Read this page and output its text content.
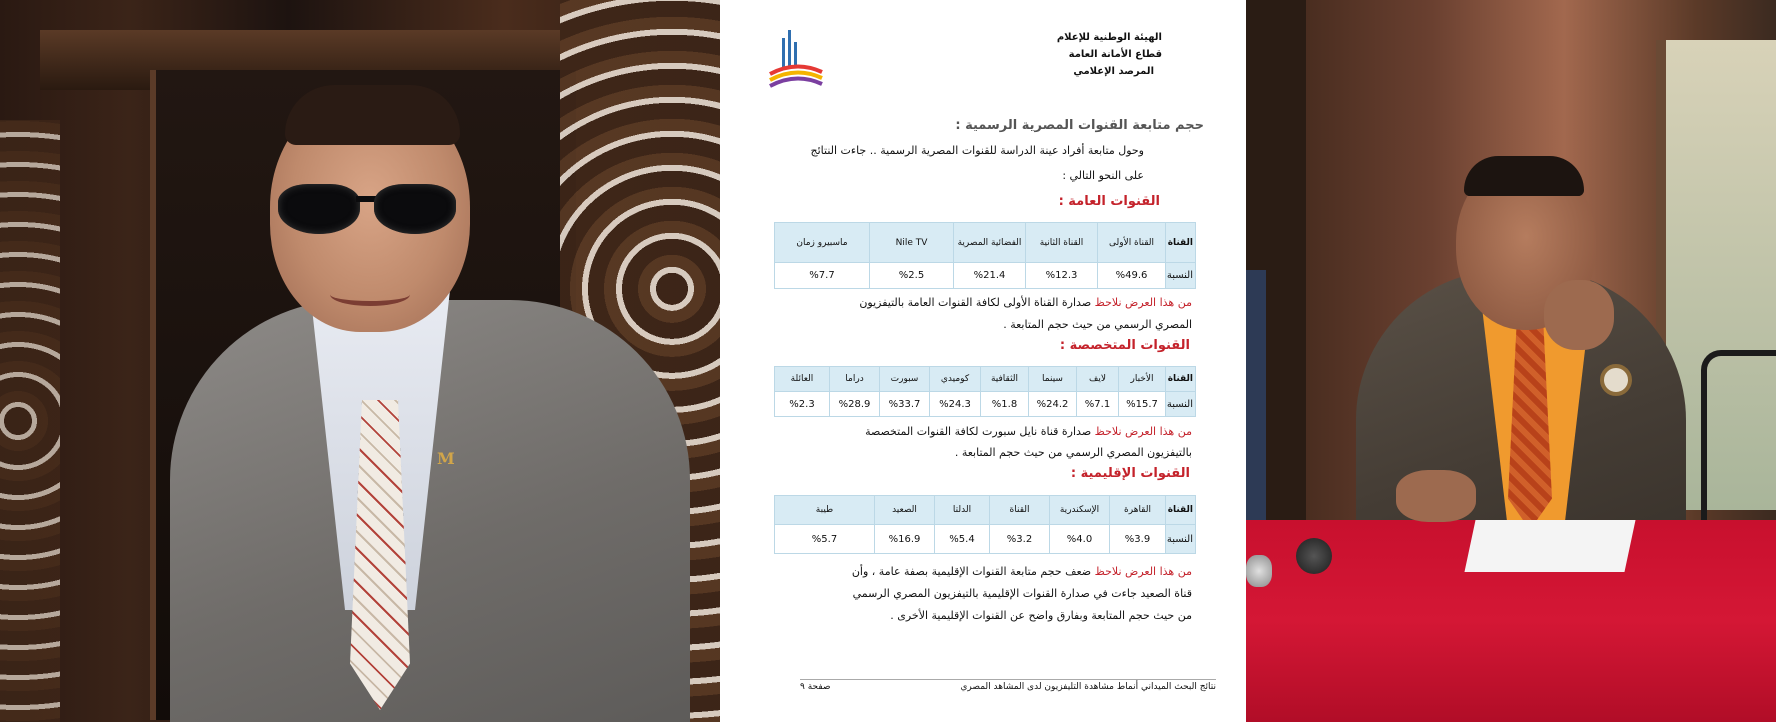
M
الهيئة الوطنية للإعلام
قطاع الأمانة العامة
المرصد الإعلامي
حجم متابعة القنوات المصرية الرسمية :
وحول متابعة أفراد عينة الدراسة للقنوات المصرية الرسمية .. جاءت النتائج
على النحو التالي :
القنوات العامة :
القناة	القناة الأولى	القناة الثانية	الفضائية المصرية	Nile TV	ماسبيرو زمان
النسبة	%49.6	%12.3	%21.4	%2.5	%7.7
من هذا العرض نلاحظ صدارة القناة الأولى لكافة القنوات العامة بالتيفزيون
المصري الرسمي من حيث حجم المتابعة .
القنوات المتخصصة :
القناة	الأخبار	لايف	سينما	الثقافية	كوميدي	سبورت	دراما	العائلة
النسبة	%15.7	%7.1	%24.2	%1.8	%24.3	%33.7	%28.9	%2.3
من هذا العرض نلاحظ صدارة قناة نايل سبورت لكافة القنوات المتخصصة
بالتيفزيون المصري الرسمي من حيث حجم المتابعة .
القنوات الإقليمية :
القناة	القاهرة	الإسكندرية	القناة	الدلتا	الصعيد	طيبة
النسبة	%3.9	%4.0	%3.2	%5.4	%16.9	%5.7
من هذا العرض نلاحظ ضعف حجم متابعة القنوات الإقليمية بصفة عامة ، وأن
قناة الصعيد جاءت في صدارة القنوات الإقليمية بالتيفزيون المصري الرسمي
من حيث حجم المتابعة وبفارق واضح عن القنوات الإقليمية الأخرى .
نتائج البحث الميداني أنماط مشاهدة التليفزيون لدى المشاهد المصري
صفحة ٩
